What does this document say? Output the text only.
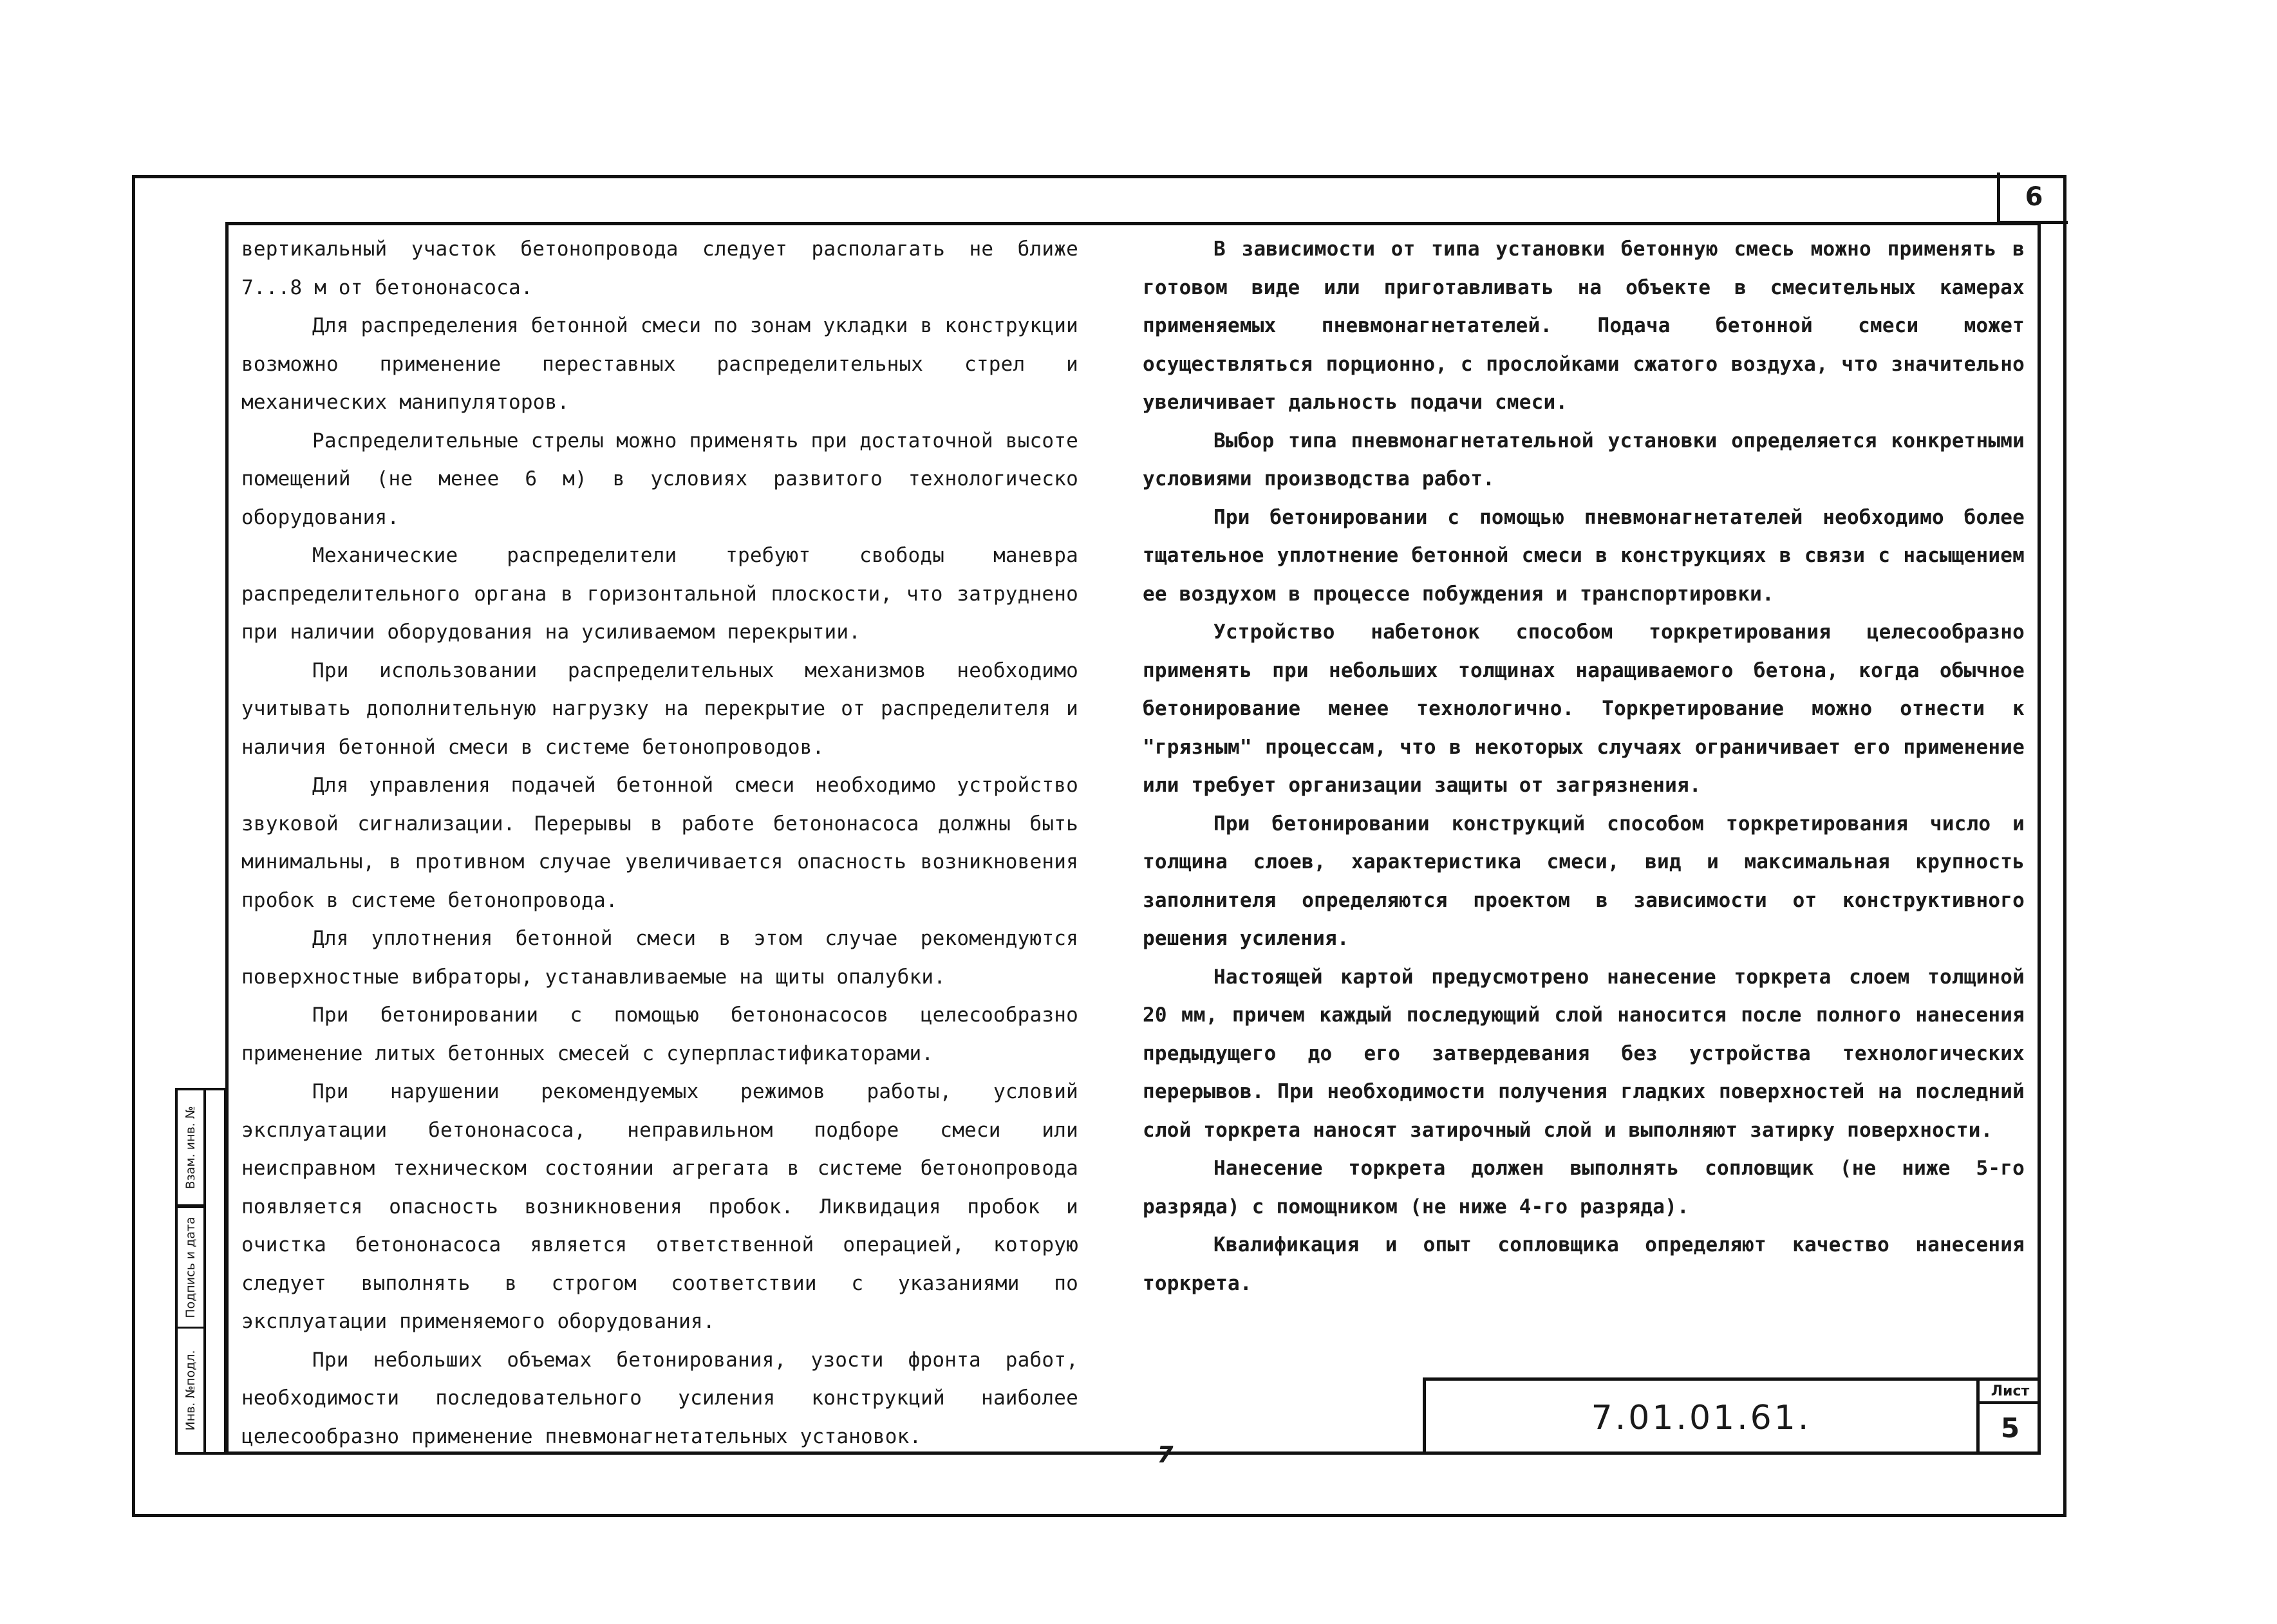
6

вертикальный участок бетонопровода следует располагать не ближе 7...8 м от бетононасоса.

Для распределения бетонной смеси по зонам укладки в конструкции возможно применение переставных распределительных стрел и механических манипуляторов.

Распределительные стрелы можно применять при достаточной высоте помещений (не менее 6 м) в условиях развитого технологическо оборудования.

Механические распределители требуют свободы маневра распределительного органа в горизонтальной плоскости, что затруднено при наличии оборудования на усиливаемом перекрытии.

При использовании распределительных механизмов необходимо учитывать дополнительную нагрузку на перекрытие от распределителя и наличия бетонной смеси в системе бетонопроводов.

Для управления подачей бетонной смеси необходимо устройство звуковой сигнализации. Перерывы в работе бетононасоса должны быть минимальны, в противном случае увеличивается опасность возникновения пробок в системе бетонопровода.

Для уплотнения бетонной смеси в этом случае рекомендуются поверхностные вибраторы, устанавливаемые на щиты опалубки.

При бетонировании с помощью бетононасосов целесообразно применение литых бетонных смесей с суперпластификаторами.

При нарушении рекомендуемых режимов работы, условий эксплуатации бетононасоса, неправильном подборе смеси или неисправном техническом состоянии агрегата в системе бетонопровода появляется опасность возникновения пробок. Ликвидация пробок и очистка бетононасоса является ответственной операцией, которую следует выполнять в строгом соответствии с указаниями по эксплуатации применяемого оборудования.

При небольших объемах бетонирования, узости фронта работ, необходимости последовательного усиления конструкций наиболее целесообразно применение пневмонагнетательных установок.

В зависимости от типа установки бетонную смесь можно применять в готовом виде или приготавливать на объекте в смесительных камерах применяемых пневмонагнетателей. Подача бетонной смеси может осуществляться порционно, с прослойками сжатого воздуха, что значительно увеличивает дальность подачи смеси.

Выбор типа пневмонагнетательной установки определяется конкретными условиями производства работ.

При бетонировании с помощью пневмонагнетателей необходимо более тщательное уплотнение бетонной смеси в конструкциях в связи с насыщением ее воздухом в процессе побуждения и транспортировки.

Устройство набетонок способом торкретирования целесообразно применять при небольших толщинах наращиваемого бетона, когда обычное бетонирование менее технологично. Торкретирование можно отнести к "грязным" процессам, что в некоторых случаях ограничивает его применение или требует организации защиты от загрязнения.

При бетонировании конструкций способом торкретирования число и толщина слоев, характеристика смеси, вид и максимальная крупность заполнителя определяются проектом в зависимости от конструктивного решения усиления.

Настоящей картой предусмотрено нанесение торкрета слоем толщиной 20 мм, причем каждый последующий слой наносится после полного нанесения предыдущего до его затвердевания без устройства технологических перерывов. При необходимости получения гладких поверхностей на последний слой торкрета наносят затирочный слой и выполняют затирку поверхности.

Нанесение торкрета должен выполнять сопловщик (не ниже 5-го разряда) с помощником (не ниже 4-го разряда).

Квалификация и опыт сопловщика определяют качество нанесения торкрета.

7.01.01.61.
Лист
5
Инв. №подл.
Подпись и дата
Взам. инв. №
7
